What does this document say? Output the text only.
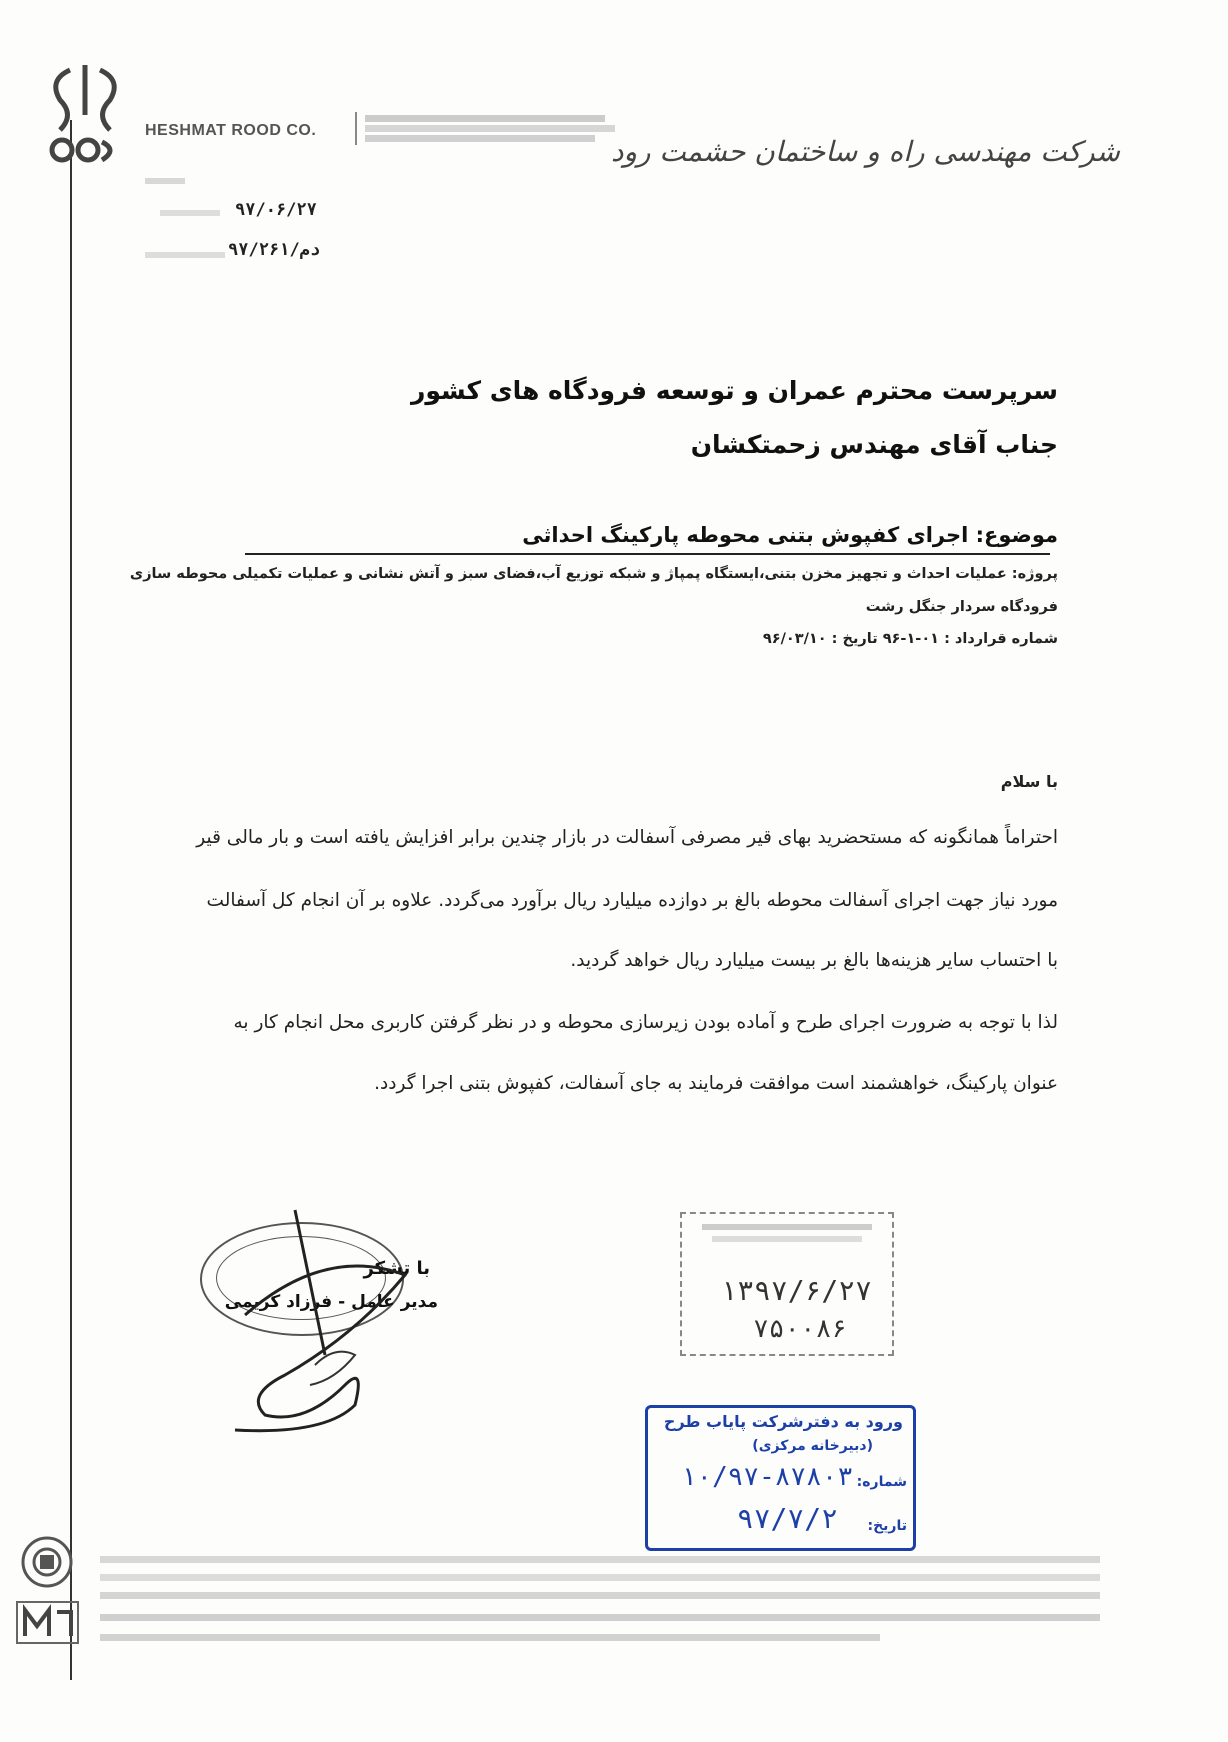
HESHMAT ROOD CO.
شرکت مهندسی راه و ساختمان حشمت رود
۹۷/۰۶/۲۷
۹۷/دم/۲۶۱
سرپرست محترم عمران و توسعه فرودگاه های کشور
جناب آقای مهندس زحمتکشان
موضوع: اجرای کفپوش بتنی محوطه پارکینگ احداثی
پروژه: عملیات احداث و تجهیز مخزن بتنی،ایستگاه پمپاژ و شبکه توزیع آب،فضای سبز و آتش نشانی و عملیات تکمیلی محوطه سازی
فرودگاه سردار جنگل رشت
شماره قرارداد : ۰۱-۱-۹۶ تاریخ : ۹۶/۰۳/۱۰
با سلام
احتراماً همانگونه که مستحضرید بهای قیر مصرفی آسفالت در بازار چندین برابر افزایش یافته است و بار مالی قیر
مورد نیاز جهت اجرای آسفالت محوطه بالغ بر دوازده میلیارد ریال برآورد می‌گردد. علاوه بر آن انجام کل آسفالت
با احتساب سایر هزینه‌ها بالغ بر بیست میلیارد ریال خواهد گردید.
لذا با توجه به ضرورت اجرای طرح و آماده بودن زیرسازی محوطه و در نظر گرفتن کاربری محل انجام کار به
عنوان پارکینگ، خواهشمند است موافقت فرمایند به جای آسفالت، کفپوش بتنی اجرا گردد.
با تشکر
مدیر عامل - فرزاد کریمی	۱۳۹۷/۶/۲۷
۷۵۰۰۸۶
ورود به دفترشرکت پایاب طرح
(دبیرخانه مرکزی)
شماره:
۱۰/۹۷-۸۷۸۰۳
تاریخ:
۹۷/۷/۲
